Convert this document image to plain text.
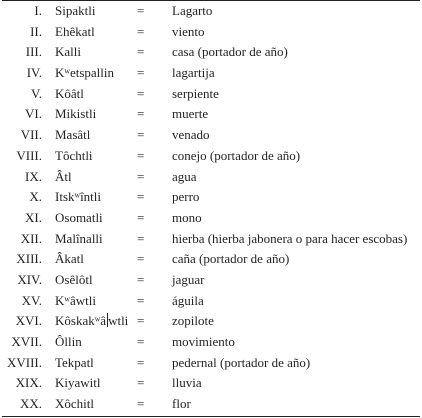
I. Sipaktli	= Lagarto
II. Ehêkatl	= viento
III. Kalli	= casa (portador de año)
IV. Kʷetspallin = lagartija
V. Kôâtl	= serpiente
VI. Mikistli	= muerte
VII. Masâtl	= venado
VIII. Tôchtli	= conejo (portador de año)
IX. Âtl	= agua
X. Itskʷîntli	= perro
XI. Osomatli	= mono
XII. Malînalli	= hierba (hierba jabonera o para hacer escobas)
XIII. Âkatl	= caña (portador de año)
XIV. Osêlôtl	= jaguar
XV. Kʷâwtli	= águila
XVI. Kôskakʷâ wtli = zopilote
XVII. Ôllin	= movimiento
XVIII. Tekpatl	= pedernal (portador de año)
XIX. Kiyawitl	= lluvia
XX. Xôchitl	= flor
